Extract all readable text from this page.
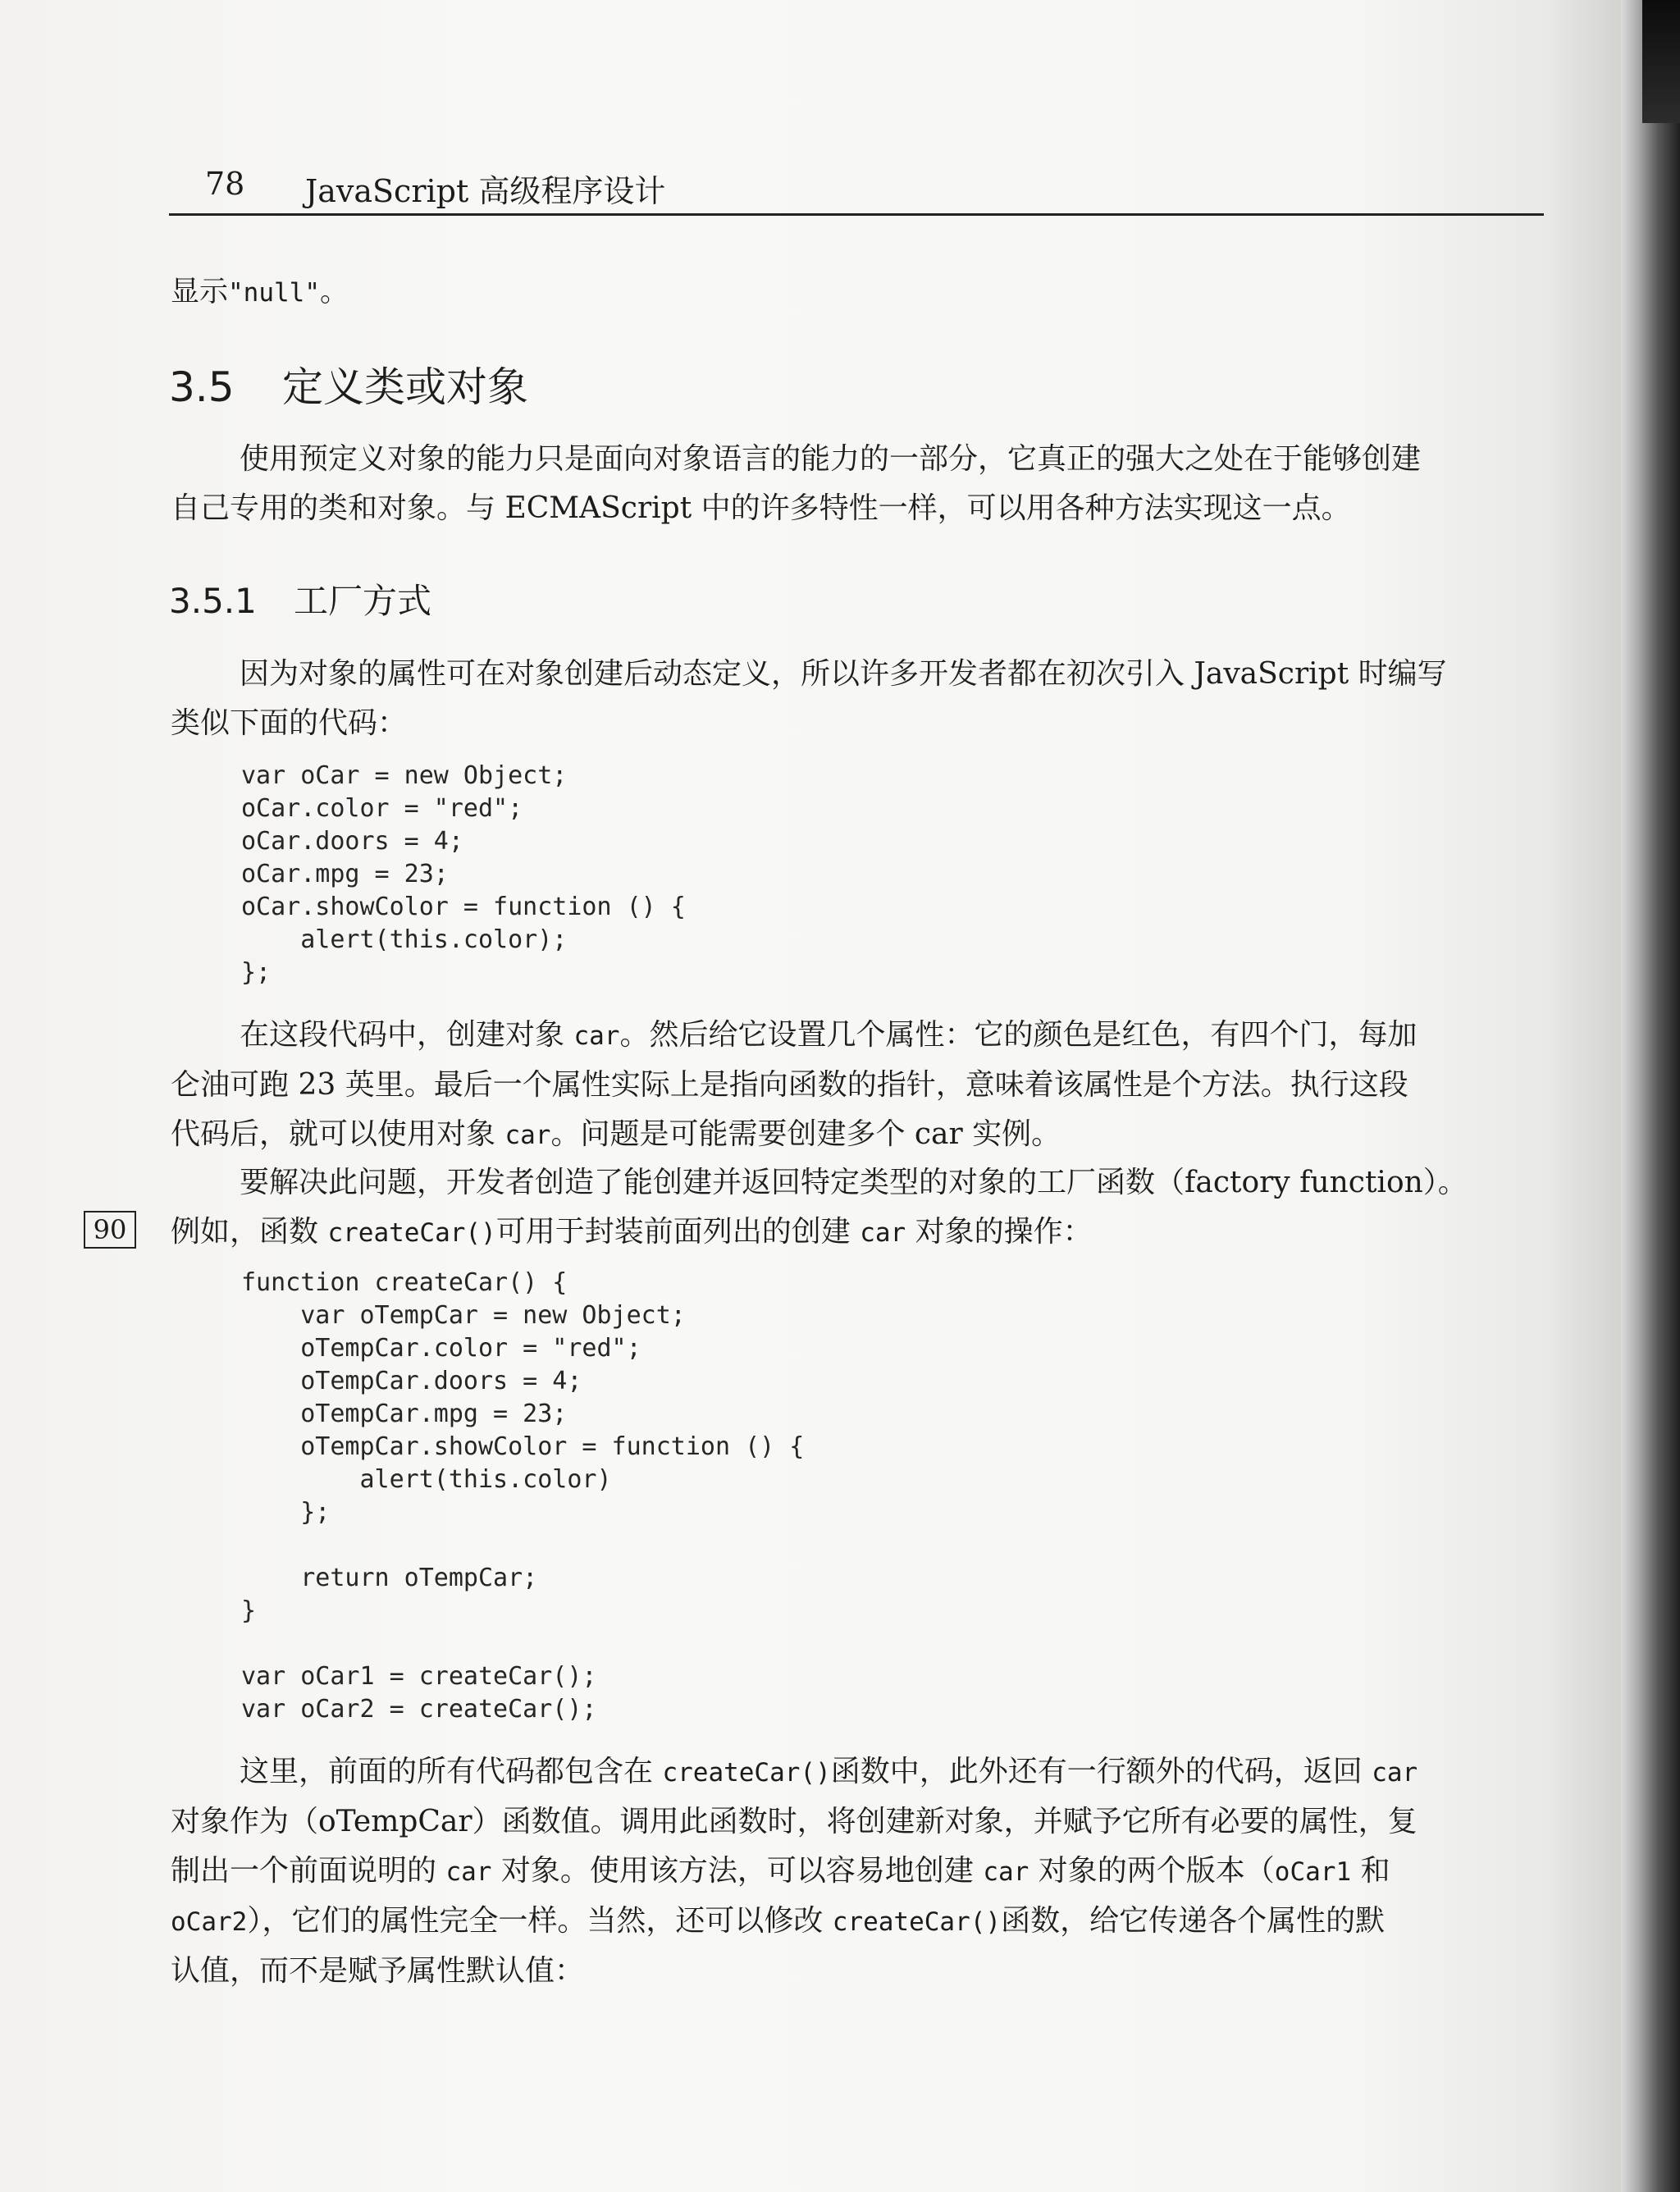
78 JavaScript 高级程序设计
显示"null"。
3.5 定义类或对象
使用预定义对象的能力只是面向对象语言的能力的一部分，它真正的强大之处在于能够创建
自己专用的类和对象。与 ECMAScript 中的许多特性一样，可以用各种方法实现这一点。
3.5.1 工厂方式
因为对象的属性可在对象创建后动态定义，所以许多开发者都在初次引入 JavaScript 时编写
类似下面的代码：
var oCar = new Object;
oCar.color = "red";
oCar.doors = 4;
oCar.mpg = 23;
oCar.showColor = function () {
alert(this.color);
};
在这段代码中，创建对象 car。然后给它设置几个属性：它的颜色是红色，有四个门，每加
仑油可跑 23 英里。最后一个属性实际上是指向函数的指针，意味着该属性是个方法。执行这段
代码后，就可以使用对象 car。问题是可能需要创建多个 car 实例。
要解决此问题，开发者创造了能创建并返回特定类型的对象的工厂函数（factory function）。
例如，函数 createCar()可用于封装前面列出的创建 car 对象的操作：
90
function createCar() {
var oTempCar = new Object;
oTempCar.color = "red";
oTempCar.doors = 4;
oTempCar.mpg = 23;
oTempCar.showColor = function () {
alert(this.color)
};
return oTempCar;
}
var oCar1 = createCar();
var oCar2 = createCar();
这里，前面的所有代码都包含在 createCar()函数中，此外还有一行额外的代码，返回 car
对象作为（oTempCar）函数值。调用此函数时，将创建新对象，并赋予它所有必要的属性，复
制出一个前面说明的 car 对象。使用该方法，可以容易地创建 car 对象的两个版本（oCar1 和
oCar2），它们的属性完全一样。当然，还可以修改 createCar()函数，给它传递各个属性的默
认值，而不是赋予属性默认值：
